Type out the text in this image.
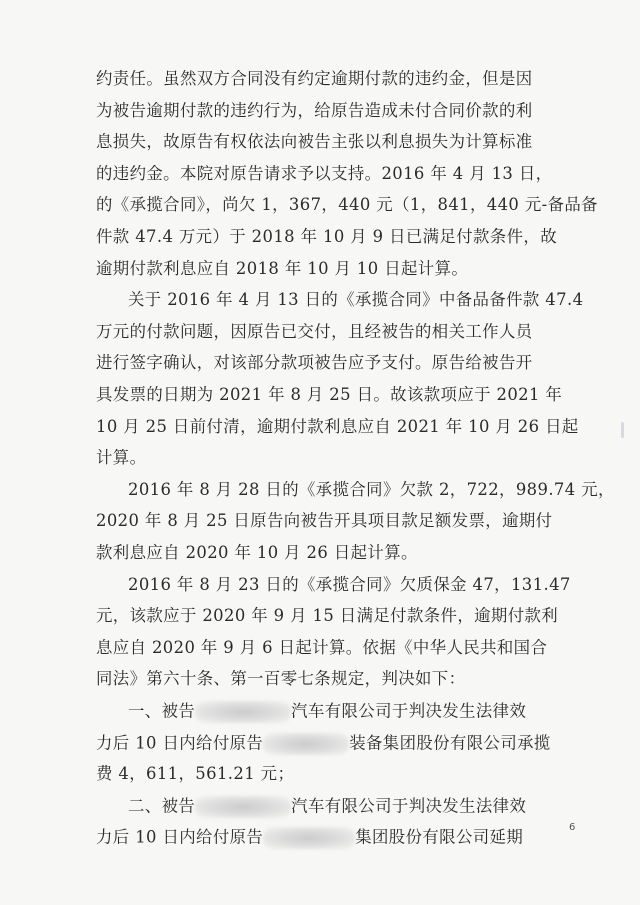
约责任。虽然双方合同没有约定逾期付款的违约金，但是因
为被告逾期付款的违约行为，给原告造成未付合同价款的利
息损失，故原告有权依法向被告主张以利息损失为计算标准
的违约金。本院对原告请求予以支持。2016 年 4 月 13 日，
的《承揽合同》，尚欠 1，367，440 元（1，841，440 元-备品备
件款 47.4 万元）于 2018 年 10 月 9 日已满足付款条件，故
逾期付款利息应自 2018 年 10 月 10 日起计算。
关于 2016 年 4 月 13 日的《承揽合同》中备品备件款 47.4
万元的付款问题，因原告已交付，且经被告的相关工作人员
进行签字确认，对该部分款项被告应予支付。原告给被告开
具发票的日期为 2021 年 8 月 25 日。故该款项应于 2021 年
10 月 25 日前付清，逾期付款利息应自 2021 年 10 月 26 日起
计算。
2016 年 8 月 28 日的《承揽合同》欠款 2，722，989.74 元，
2020 年 8 月 25 日原告向被告开具项目款足额发票，逾期付
款利息应自 2020 年 10 月 26 日起计算。
2016 年 8 月 23 日的《承揽合同》欠质保金 47，131.47
元，该款应于 2020 年 9 月 15 日满足付款条件，逾期付款利
息应自 2020 年 9 月 6 日起计算。依据《中华人民共和国合
同法》第六十条、第一百零七条规定，判决如下：
一、被告	汽车有限公司于判决发生法律效
力后 10 日内给付原告	装备集团股份有限公司承揽
费 4，611，561.21 元；
6
二、被告	汽车有限公司于判决发生法律效
力后 10 日内给付原告	集团股份有限公司延期
